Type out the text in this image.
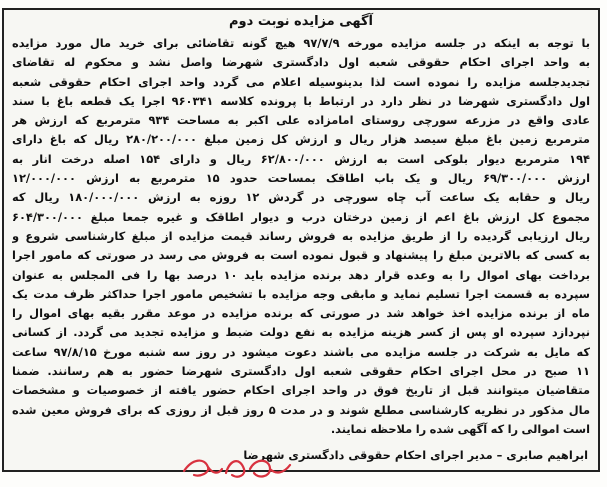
آگهی مزایده نوبت دوم
با توجه به اینکه در جلسه مزایده مورخه ۹۷/۷/۹ هیچ گونه تقاضائی برای خرید مال مورد مزایده
به واحد اجرای احکام حقوقی شعبه اول دادگستری شهرضا واصل نشد و محکوم له تقاضای
تجدیدجلسه مزایده را نموده است لذا بدینوسیله اعلام می گردد واحد اجرای احکام حقوقی شعبه
اول دادگستری شهرضا در نظر دارد در ارتباط با پرونده کلاسه ۹۶۰۳۴۱ اجرا یک قطعه باغ با سند
عادی واقع در مزرعه سورچی روستای امامزاده علی اکبر به مساحت ۹۳۴ مترمربع که ارزش هر
مترمربع زمین باغ مبلغ سیصد هزار ریال و ارزش کل زمین مبلغ ۲۸۰/۲۰۰/۰۰۰ ریال که باغ دارای
۱۹۴ مترمربع دیوار بلوکی است به ارزش ۶۲/۸۰۰/۰۰۰ ریال و دارای ۱۵۴ اصله درخت انار به
ارزش ۶۹/۳۰۰/۰۰۰ ریال و یک باب اطاقک بمساحت حدود ۱۵ مترمربع به ارزش ۱۲/۰۰۰/۰۰۰
ریال و حقابه یک ساعت آب چاه سورچی در گردش ۱۲ روزه به ارزش ۱۸۰/۰۰۰/۰۰۰ ریال که
مجموع کل ارزش باغ اعم از زمین درختان درب و دیوار اطاقک و غیره جمعا مبلغ ۶۰۴/۳۰۰/۰۰۰
ریال ارزیابی گردیده را از طریق مزایده به فروش رساند قیمت مزایده از مبلغ کارشناسی شروع و
به کسی که بالاترین مبلغ را پیشنهاد و قبول نموده است به فروش می رسد در صورتی که مامور اجرا
برداخت بهای اموال را به وعده قرار دهد برنده مزایده باید ۱۰ درصد بها را فی المجلس به عنوان
سپرده به قسمت اجرا تسلیم نماید و مابقی وجه مزایده با تشخیص مامور اجرا حداکثر ظرف مدت یک
ماه از برنده مزایده اخذ خواهد شد در صورتی که برنده مزایده در موعد مقرر بقیه بهای اموال را
نپردازد سپرده او پس از کسر هزینه مزایده به نفع دولت ضبط و مزایده تجدید می گردد. از کسانی
که مایل به شرکت در جلسه مزایده می باشند دعوت میشود در روز سه شنبه مورخ ۹۷/۸/۱۵ ساعت
۱۱ صبح در محل اجرای احکام حقوقی شعبه اول دادگستری شهرضا حضور به هم رسانند. ضمنا
متقاضیان میتوانند قبل از تاریخ فوق در واحد اجرای احکام حضور یافته از خصوصیات و مشخصات
مال مذکور در نظریه کارشناسی مطلع شوند و در مدت ۵ روز قبل از روزی که برای فروش معین شده
است اموالی را که آگهی شده را ملاحظه نمایند.
ابراهیم صابری – مدیر اجرای احکام حقوقی دادگستری شهرضا
